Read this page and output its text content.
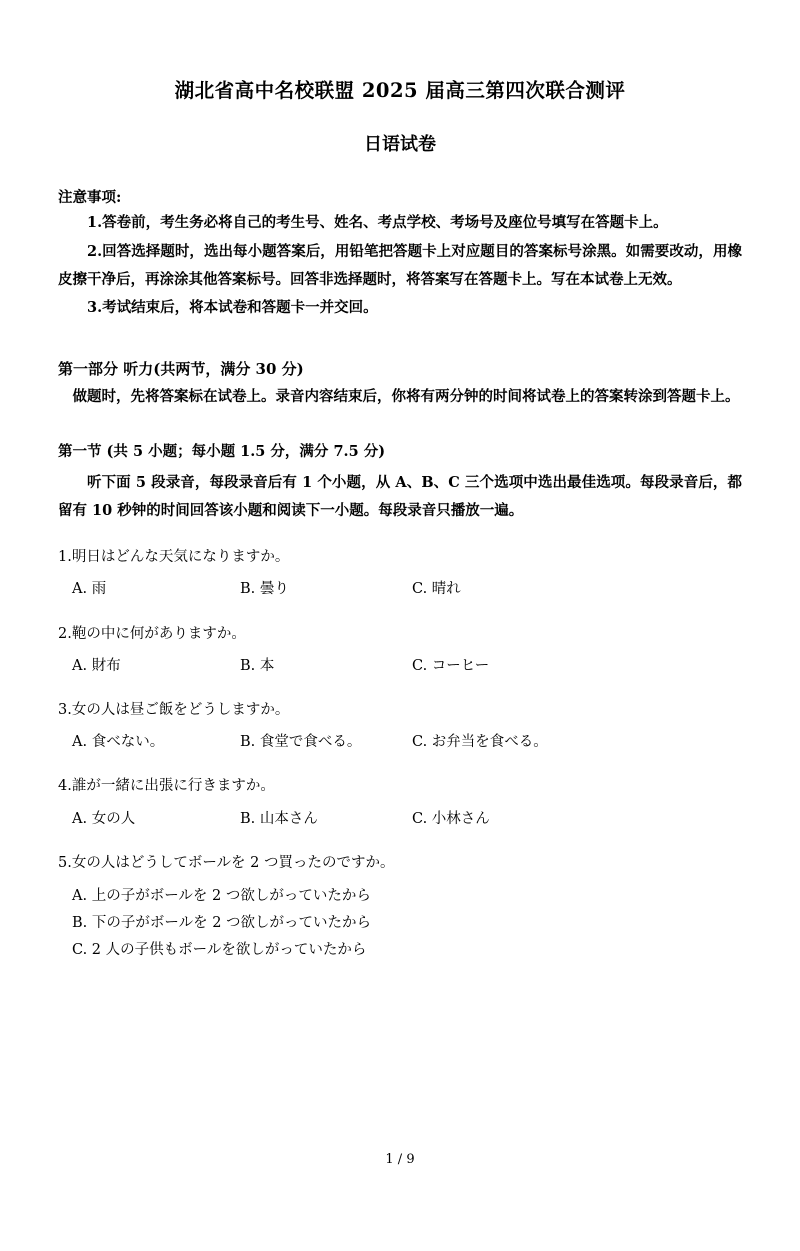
湖北省高中名校联盟 2025 届高三第四次联合测评
日语试卷
注意事项:

1.答卷前，考生务必将自己的考生号、姓名、考点学校、考场号及座位号填写在答题卡上。

2.回答选择题时，选出每小题答案后，用铅笔把答题卡上对应题目的答案标号涂黑。如需要改动，用橡皮擦干净后，再涂涂其他答案标号。回答非选择题时，将答案写在答题卡上。写在本试卷上无效。

3.考试结束后，将本试卷和答题卡一并交回。

第一部分 听力(共两节，满分 30 分)

做题时，先将答案标在试卷上。录音内容结束后，你将有两分钟的时间将试卷上的答案转涂到答题卡上。

第一节 (共 5 小题；每小题 1.5 分，满分 7.5 分)

听下面 5 段录音，每段录音后有 1 个小题，从 A、B、C 三个选项中选出最佳选项。每段录音后，都留有 10 秒钟的时间回答该小题和阅读下一小题。每段录音只播放一遍。

1.明日はどんな天気になりますか。

A. 雨	B. 曇り	C. 晴れ

2.鞄の中に何がありますか。

A. 財布	B. 本	C. コーヒー

3.女の人は昼ご飯をどうしますか。

A. 食べない。	B. 食堂で食べる。	C. お弁当を食べる。

4.誰が一緒に出張に行きますか。

A. 女の人	B. 山本さん	C. 小林さん

5.女の人はどうしてボールを 2 つ買ったのですか。

A. 上の子がボールを 2 つ欲しがっていたから
B. 下の子がボールを 2 つ欲しがっていたから
C. 2 人の子供もボールを欲しがっていたから
1 / 9
